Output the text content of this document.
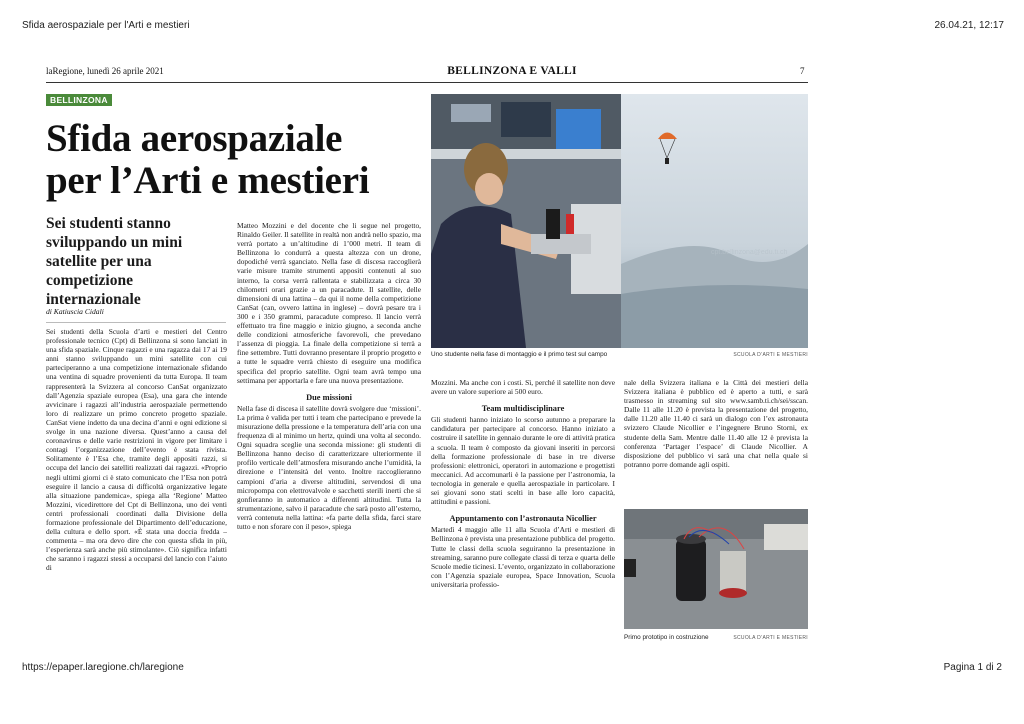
Sfida aerospaziale per l'Arti e mestieri	26.04.21, 12:17
https://epaper.laregione.ch/laregione	Pagina 1 di 2
laRegione, lunedì 26 aprile 2021	BELLINZONA E VALLI	7
BELLINZONA
Sfida aerospaziale
per l’Arti e mestieri
Sei studenti stanno sviluppando un mini satellite per una competizione internazionale
di Katiuscia Cidali

Sei studenti della Scuola d’arti e mestieri del Centro professionale tecnico (Cpt) di Bellinzona si sono lanciati in una sfida spaziale. Cinque ragazzi e una ragazza dai 17 ai 19 anni stanno sviluppando un mini satellite con cui parteciperanno a una competizione internazionale sfidando una ventina di squadre provenienti da tutta Europa. Il team rappresenterà la Svizzera al concorso CanSat organizzato dall’Agenzia spaziale europea (Esa), una gara che intende avvicinare i ragazzi all’industria aerospaziale permettendo loro di realizzare un primo concreto progetto spaziale. CanSat viene indetto da una decina d’anni e ogni edizione si svolge in una nazione diversa. Quest’anno a causa del coronavirus e delle varie restrizioni in vigore per limitare i contagi l’organizzazione dell’evento è stata rivista. Solitamente è l’Esa che, tramite degli appositi razzi, si occupa del lancio dei satelliti realizzati dai ragazzi. «Proprio negli ultimi giorni ci è stato comunicato che l’Esa non potrà eseguire il lancio a causa di difficoltà organizzative legate alla situazione pandemica», spiega alla ‘Regione’ Matteo Mozzini, vicedirettore del Cpt di Bellinzona, uno dei venti centri professionali coordinati dalla Divisione della formazione professionale del Dipartimento dell’educazione, della cultura e dello sport. «È stata una doccia fredda – commenta – ma ora devo dire che con questa sfida in più, l’esperienza sarà anche più stimolante». Ciò significa infatti che saranno i ragazzi stessi a occuparsi del lancio con l’aiuto di

Matteo Mozzini e del docente che li segue nel progetto, Rinaldo Geiler. Il satellite in realtà non andrà nello spazio, ma verrà portato a un’altitudine di 1’000 metri. Il team di Bellinzona lo condurrà a questa altezza con un drone, dopodiché verrà sganciato. Nella fase di discesa raccoglierà varie misure tramite strumenti appositi contenuti al suo interno, la corsa verrà rallentata e stabilizzata a circa 30 chilometri orari grazie a un paracadute. Il satellite, delle dimensioni di una lattina – da qui il nome della competizione CanSat (can, ovvero lattina in inglese) – dovrà pesare tra i 300 e i 350 grammi, paracadute compreso. Il lancio verrà effettuato tra fine maggio e inizio giugno, a seconda anche delle condizioni atmosferiche favorevoli, che prevedano l’assenza di pioggia. La finale della competizione si terrà a fine settembre. Tutti dovranno presentare il proprio progetto e a tutte le squadre verrà chiesto di eseguire una modifica specifica del proprio satellite. Ogni team avrà tempo una settimana per apportarla e fare una nuova presentazione.

Due missioni

Nella fase di discesa il satellite dovrà svolgere due ‘missioni’. La prima è valida per tutti i team che partecipano e prevede la misurazione della pressione e la temperatura dell’aria con una frequenza di al minimo un hertz, quindi una volta al secondo. Ogni squadra sceglie una seconda missione: gli studenti di Bellinzona hanno deciso di caratterizzare ulteriormente il profilo verticale dell’atmosfera misurando anche l’umidità, la direzione e l’intensità del vento. Inoltre raccoglieranno campioni d’aria a diverse altitudini, servendosi di una micropompa con elettrovalvole e sacchetti sterili inerti che si gonfieranno in automatico a differenti altitudini. Tutta la strumentazione, salvo il paracadute che sarà posto all’esterno, verrà contenuta nella lattina: «fa parte della sfida, farci stare tutto e non sforare con il peso», spiega

cpt.bellinzona@edu.ti.ch
Uno studente nella fase di montaggio e il primo test sul campo	SCUOLA D’ARTI E MESTIERI

Mozzini. Ma anche con i costi. Sì, perché il satellite non deve avere un valore superiore ai 500 euro.

Team multidisciplinare

Gli studenti hanno iniziato lo scorso autunno a preparare la candidatura per partecipare al concorso. Hanno iniziato a costruire il satellite in gennaio durante le ore di attività pratica a scuola. Il team è composto da giovani inseriti in percorsi della formazione professionale di base in tre diverse professioni: elettronici, operatori in automazione e progettisti meccanici. Ad accomunarli è la passione per l’astronomia, la tecnologia in generale e quella aerospaziale in particolare. I sei giovani sono stati scelti in base alle loro capacità, attitudini e passioni.

Appuntamento con l’astronauta Nicollier

Martedì 4 maggio alle 11 alla Scuola d’Arti e mestieri di Bellinzona è prevista una presentazione pubblica del progetto. Tutte le classi della scuola seguiranno la presentazione in streaming, saranno pure collegate classi di terza e quarta delle Scuole medie ticinesi. L’evento, organizzato in collaborazione con l’Agenzia spaziale europea, Space Innovation, Scuola universitaria professio-

nale della Svizzera italiana e la Città dei mestieri della Svizzera italiana è pubblico ed è aperto a tutti, e sarà trasmesso in streaming sul sito www.samb.ti.ch/sei/sscan. Dalle 11 alle 11.20 è prevista la presentazione del progetto, dalle 11.20 alle 11.40 ci sarà un dialogo con l’ex astronauta svizzero Claude Nicollier e l’ingegnere Bruno Storni, ex studente della Sam. Mentre dalle 11.40 alle 12 è prevista la conferenza ‘Partager l’espace’ di Claude Nicollier. A disposizione del pubblico vi sarà una chat nella quale si potranno porre domande agli ospiti.

Primo prototipo in costruzione	SCUOLA D’ARTI E MESTIERI
